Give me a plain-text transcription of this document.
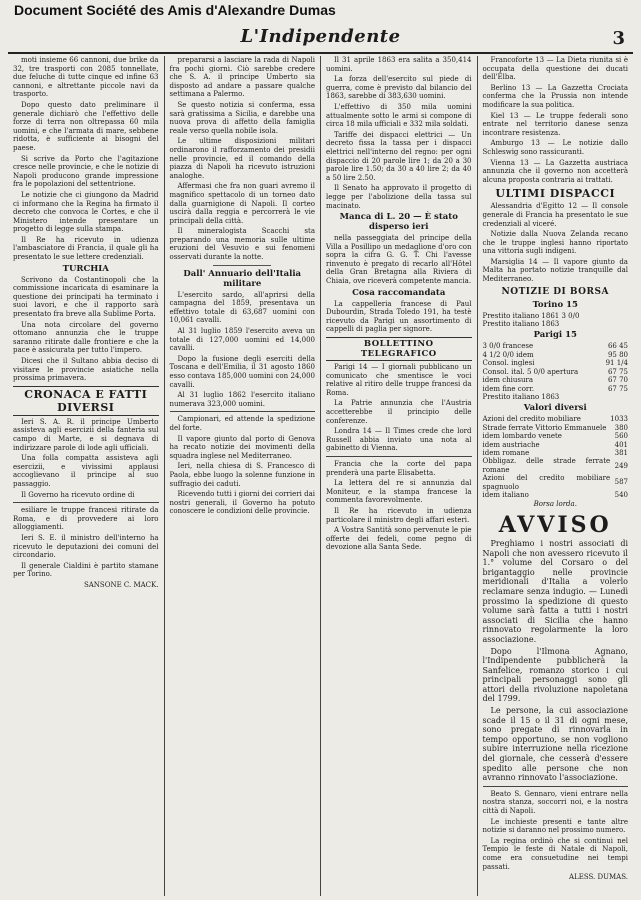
Document Société des Amis d'Alexandre Dumas
L'Indipendente	3

moti insieme 66 cannoni, due brike da 32, tre trasporti con 2085 tonnellate, due feluche di tutte cinque ed infine 63 cannoni, e altrettante piccole navi da trasporto.

Dopo questo dato preliminare il generale dichiarò che l'effettivo delle forze di terra non oltrepassa 60 mila uomini, e che l'armata di mare, sebbene ridotta, è sufficiente ai bisogni del paese.

Si scrive da Porto che l'agitazione cresce nelle provincie, e che le notizie di Napoli producono grande impressione fra le popolazioni del settentrione.

Le notizie che ci giungono da Madrid ci informano che la Regina ha firmato il decreto che convoca le Cortes, e che il Ministero intende presentare un progetto di legge sulla stampa.

Il Re ha ricevuto in udienza l'ambasciatore di Francia, il quale gli ha presentato le sue lettere credenziali.

TURCHIA

Scrivono da Costantinopoli che la commissione incaricata di esaminare la questione dei principati ha terminato i suoi lavori, e che il rapporto sarà presentato fra breve alla Sublime Porta.

Una nota circolare del governo ottomano annunzia che le truppe saranno ritirate dalle frontiere e che la pace è assicurata per tutto l'impero.

Dicesi che il Sultano abbia deciso di visitare le provincie asiatiche nella prossima primavera.

CRONACA E FATTI DIVERSI

Ieri S. A. R. il principe Umberto assisteva agli esercizii della fanteria sul campo di Marte, e si degnava di indirizzare parole di lode agli ufficiali.

Una folla compatta assisteva agli esercizii, e vivissimi applausi accoglievano il principe al suo passaggio.

Il Governo ha ricevuto ordine di

esiliare le truppe francesi ritirate da Roma, e di provvedere ai loro alloggiamenti.

Ieri S. E. il ministro dell'interno ha ricevuto le deputazioni dei comuni del circondario.

Il generale Cialdini è partito stamane per Torino.

SANSONE C. MACK.

prepararsi a lasciare la rada di Napoli fra pochi giorni. Ciò sarebbe credere che S. A. il principe Umberto sia disposto ad andare a passare qualche settimana a Palermo.

Se questo notizia si conferma, essa sarà gratissima a Sicilia, e darebbe una nuova prova di affetto della famiglia reale verso quella nobile isola.

Le ultime disposizioni militari ordinarono il rafforzamento dei presidii nelle provincie, ed il comando della piazza di Napoli ha ricevuto istruzioni analoghe.

Affermasi che fra non guari avremo il magnifico spettacolo di un torneo dato dalla guarnigione di Napoli. Il corteo uscirà dalla reggia e percorrerà le vie principali della città.

Il mineralogista Scacchi sta preparando una memoria sulle ultime eruzioni del Vesuvio e sui fenomeni osservati durante la notte.

Dall' Annuario dell'Italia militare

L'esercito sardo, all'aprirsi della campagna del 1859, presentava un effettivo totale di 63,687 uomini con 10,061 cavalli.

Al 31 luglio 1859 l'esercito aveva un totale di 127,000 uomini ed 14,000 cavalli.

Dopo la fusione degli eserciti della Toscana e dell'Emilia, il 31 agosto 1860 esso contava 185,000 uomini con 24,000 cavalli.

Al 31 luglio 1862 l'esercito italiano numerava 323,000 uomini.

Campionari, ed attende la spedizione del forte.

Il vapore giunto dal porto di Genova ha recato notizie dei movimenti della squadra inglese nel Mediterraneo.

Ieri, nella chiesa di S. Francesco di Paola, ebbe luogo la solenne funzione in suffragio dei caduti.

Ricevendo tutti i giorni dei corrieri dai nostri generali, il Governo ha potuto conoscere le condizioni delle provincie.

Il 31 aprile 1863 era salita a 350,414 uomini.

La forza dell'esercito sul piede di guerra, come è previsto dal bilancio del 1863, sarebbe di 383,630 uomini.

L'effettivo di 350 mila uomini attualmente sotto le armi si compone di circa 18 mila ufficiali e 332 mila soldati.

Tariffe dei dispacci elettrici — Un decreto fissa la tassa per i dispacci elettrici nell'interno del regno: per ogni dispaccio di 20 parole lire 1; da 20 a 30 parole lire 1.50; da 30 a 40 lire 2; da 40 a 50 lire 2.50.

Il Senato ha approvato il progetto di legge per l'abolizione della tassa sul macinato.

Manca di L. 20 — È stato disperso ieri

nella passeggiata del principe della Villa a Posillipo un medaglione d'oro con sopra la cifra G. G. T. Chi l'avesse rinvenuto è pregato di recarlo all'Hôtel della Gran Bretagna alla Riviera di Chiaia, ove riceverà competente mancia.

Cosa raccomandata

La cappelleria francese di Paul Dubourdin, Strada Toledo 191, ha testè ricevuto da Parigi un assortimento di cappelli di paglia per signore.

BOLLETTINO TELEGRAFICO

Parigi 14 — I giornali pubblicano un comunicato che smentisce le voci relative al ritiro delle truppe francesi da Roma.

La Patrie annunzia che l'Austria accetterebbe il principio delle conferenze.

Londra 14 — Il Times crede che lord Russell abbia inviato una nota al gabinetto di Vienna.

Francia che la corte del papa prenderà una parte Elisabetta.

La lettera del re si annunzia dal Moniteur, e la stampa francese la commenta favorevolmente.

Il Re ha ricevuto in udienza particolare il ministro degli affari esteri.

A Vostra Santità sono pervenute le pie offerte dei fedeli, come pegno di devozione alla Santa Sede.

Francoforte 13 — La Dieta riunita si è occupata della questione dei ducati dell'Elba.

Berlino 13 — La Gazzetta Crociata conferma che la Prussia non intende modificare la sua politica.

Kiel 13 — Le truppe federali sono entrate nel territorio danese senza incontrare resistenza.

Amburgo 13 — Le notizie dallo Schleswig sono rassicuranti.

Vienna 13 — La Gazzetta austriaca annunzia che il governo non accetterà alcuna proposta contraria ai trattati.

ULTIMI DISPACCI

Alessandria d'Egitto 12 — Il console generale di Francia ha presentato le sue credenziali al viceré.

Notizie dalla Nuova Zelanda recano che le truppe inglesi hanno riportato una vittoria sugli indigeni.

Marsiglia 14 — Il vapore giunto da Malta ha portato notizie tranquille dal Mediterraneo.

NOTIZIE DI BORSA
Torino 15
Prestito italiano 1861 3 0/0	
Prestito italiano 1863	
Parigi 15
3 0/0 francese	66 45
4 1/2 0/0 idem	95 80
Consol. inglesi	91 1/4
Consol. ital. 5 0/0 apertura	67 75
idem chiusura	67 70
idem fine corr.	67 75
Prestito italiano 1863	
Valori diversi
Azioni del credito mobiliare	1033
Strade ferrate Vittorio Emmanuele	380
idem lombardo venete	560
idem austriache	401
idem romane	381
Obbligaz. delle strade ferrate romane	249
Azioni del credito mobiliare spagnuolo	587
idem italiano	540
Borsa lorda.
AVVISO

Preghiamo i nostri associati di Napoli che non avessero ricevuto il 1.° volume del Corsaro o del brigantaggio nelle provincie meridionali d'Italia a volerlo reclamare senza indugio. — Lunedì prossimo la spedizione di questo volume sarà fatta a tutti i nostri associati di Sicilia che hanno rinnovato regolarmente la loro associazione.

Dopo l'Ilmona Agnano, l'Indipendente pubblicherà la Sanfelice, romanzo storico i cui principali personaggi sono gli attori della rivoluzione napoletana del 1799.

Le persone, la cui associazione scade il 15 o il 31 di ogni mese, sono pregate di rinnovarla in tempo opportuno, se non vogliono subire interruzione nella ricezione del giornale, che cesserà d'essere spedito alle persone che non avranno rinnovato l'associazione.

Beato S. Gennaro, vieni entrare nella nostra stanza, soccorri noi, e la nostra città di Napoli.

Le inchieste presenti e tante altre notizie si daranno nel prossimo numero.

La regina ordinò che si continui nel Tempio le feste di Natale di Napoli, come era consuetudine nei tempi passati.

ALESS. DUMAS.
